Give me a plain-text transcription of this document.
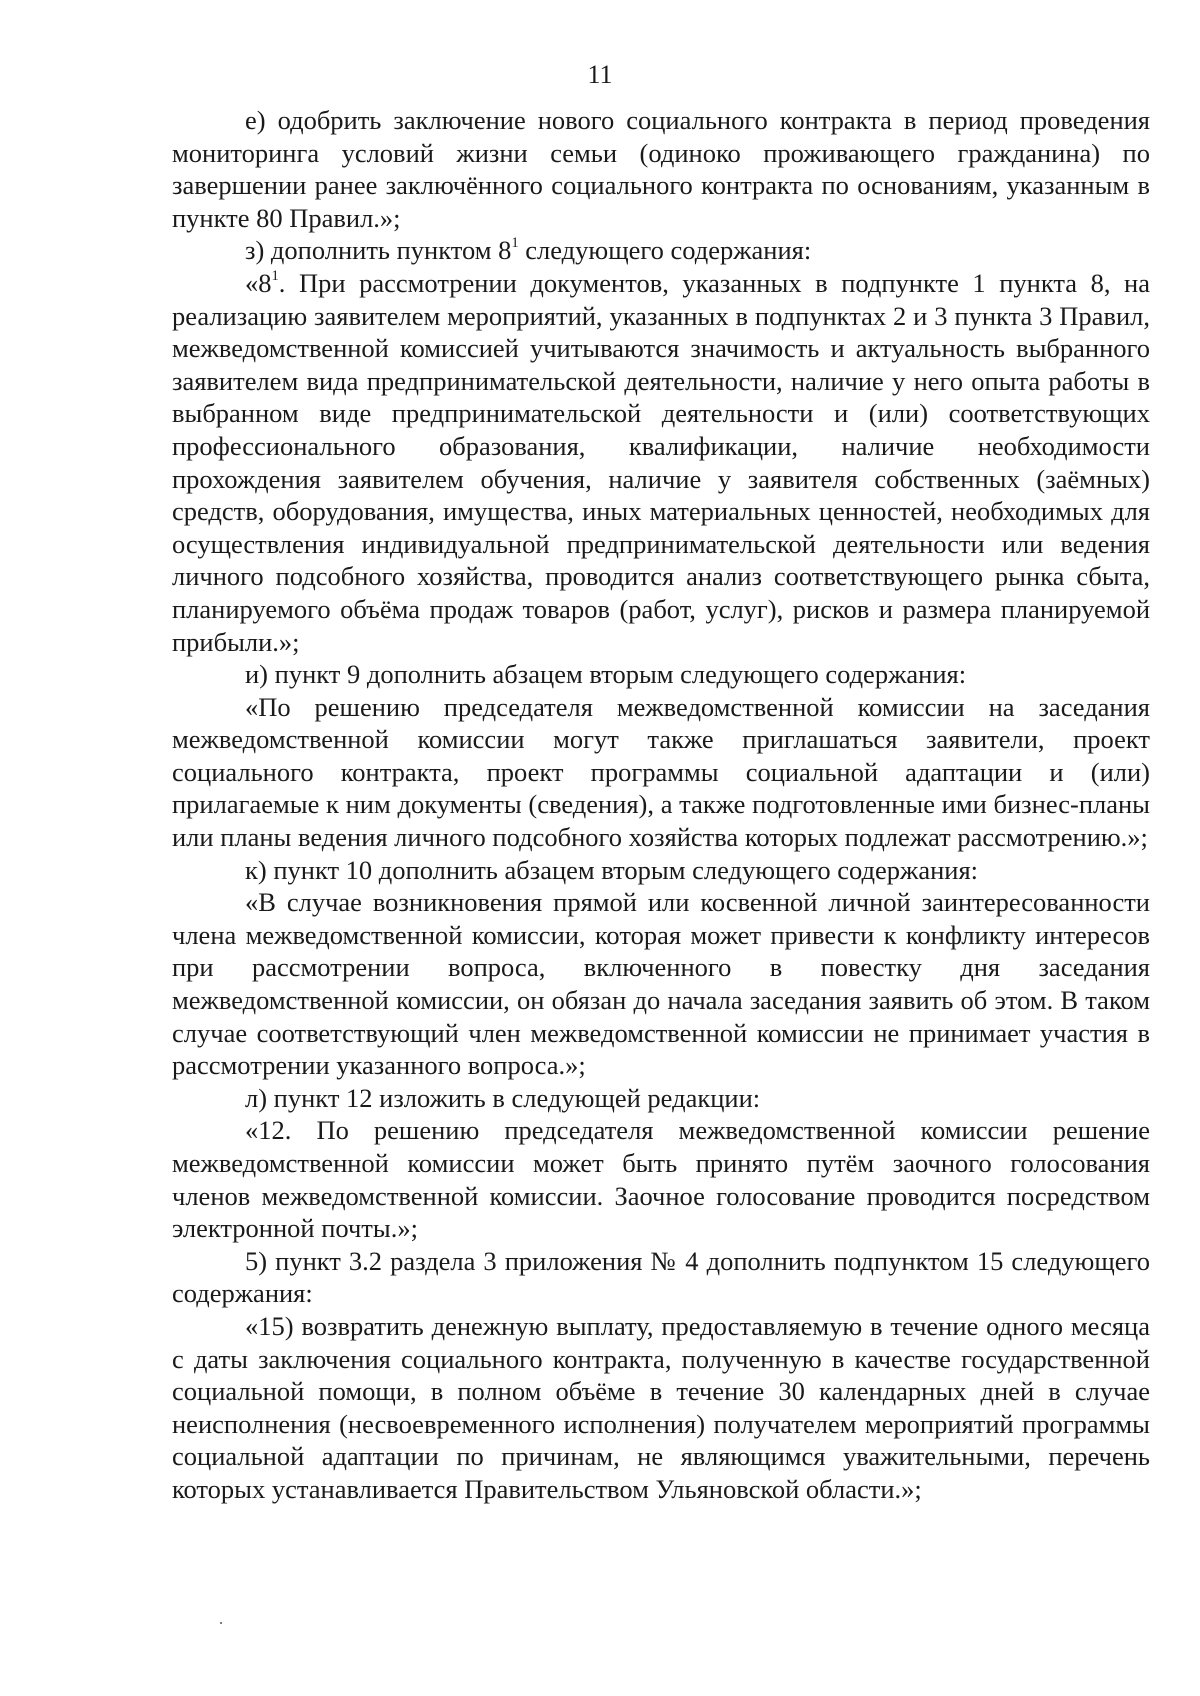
11

е) одобрить заключение нового социального контракта в период проведения мониторинга условий жизни семьи (одиноко проживающего гражданина) по завершении ранее заключённого социального контракта по основаниям, указанным в пункте 80 Правил.»;

з) дополнить пунктом $8^1$ следующего содержания:

«$8^1$. При рассмотрении документов, указанных в подпункте 1 пункта 8, на реализацию заявителем мероприятий, указанных в подпунктах 2 и 3 пункта 3 Правил, межведомственной комиссией учитываются значимость и актуальность выбранного заявителем вида предпринимательской деятельности, наличие у него опыта работы в выбранном виде предпринимательской деятельности и (или) соответствующих профессионального образования, квалификации, наличие необходимости прохождения заявителем обучения, наличие у заявителя собственных (заёмных) средств, оборудования, имущества, иных материальных ценностей, необходимых для осуществления индивидуальной предпринимательской деятельности или ведения личного подсобного хозяйства, проводится анализ соответствующего рынка сбыта, планируемого объёма продаж товаров (работ, услуг), рисков и размера планируемой прибыли.»;

и) пункт 9 дополнить абзацем вторым следующего содержания:

«По решению председателя межведомственной комиссии на заседания межведомственной комиссии могут также приглашаться заявители, проект социального контракта, проект программы социальной адаптации и (или) прилагаемые к ним документы (сведения), а также подготовленные ими бизнес-планы или планы ведения личного подсобного хозяйства которых подлежат рассмотрению.»;

к) пункт 10 дополнить абзацем вторым следующего содержания:

«В случае возникновения прямой или косвенной личной заинтересованности члена межведомственной комиссии, которая может привести к конфликту интересов при рассмотрении вопроса, включенного в повестку дня заседания межведомственной комиссии, он обязан до начала заседания заявить об этом. В таком случае соответствующий член межведомственной комиссии не принимает участия в рассмотрении указанного вопроса.»;

л) пункт 12 изложить в следующей редакции:

«12. По решению председателя межведомственной комиссии решение межведомственной комиссии может быть принято путём заочного голосования членов межведомственной комиссии. Заочное голосование проводится посредством электронной почты.»;

5) пункт 3.2 раздела 3 приложения № 4 дополнить подпунктом 15 следующего содержания:

«15) возвратить денежную выплату, предоставляемую в течение одного месяца с даты заключения социального контракта, полученную в качестве государственной социальной помощи, в полном объёме в течение 30 календарных дней в случае неисполнения (несвоевременного исполнения) получателем мероприятий программы социальной адаптации по причинам, не являющимся уважительными, перечень которых устанавливается Правительством Ульяновской области.»;
